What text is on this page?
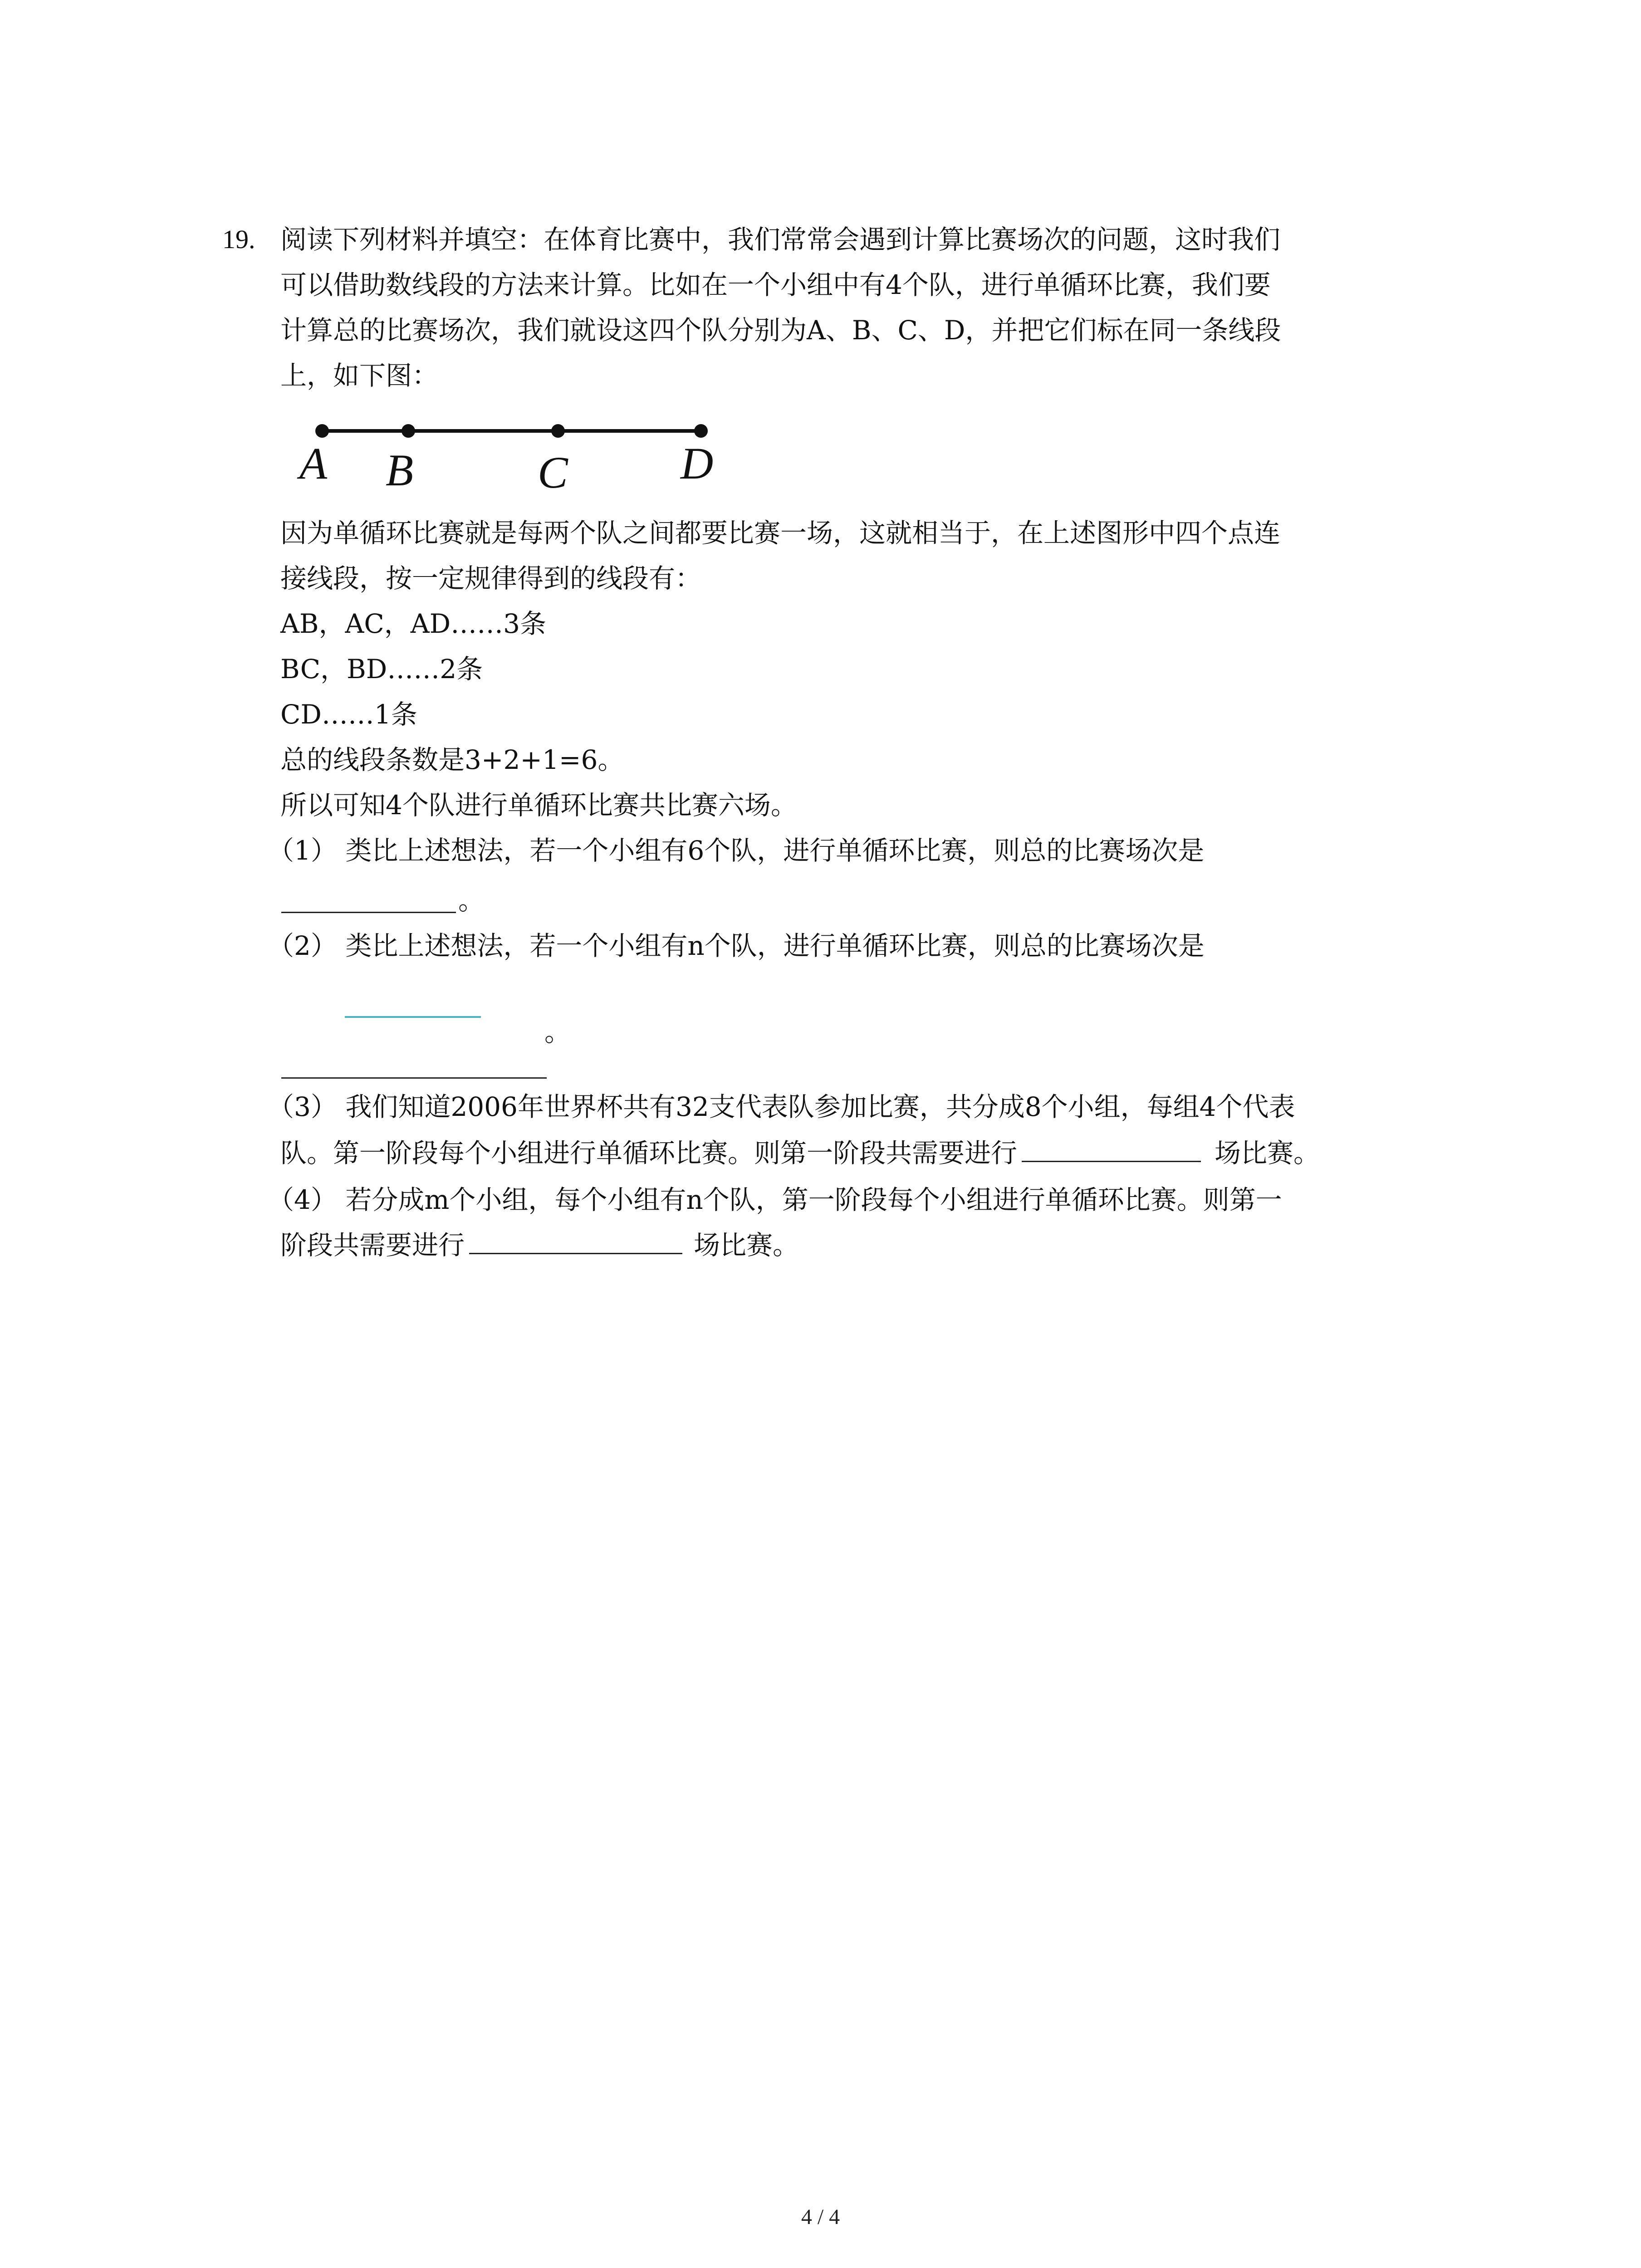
19. 阅读下列材料并填空：在体育比赛中，我们常常会遇到计算比赛场次的问题，这时我们
可以借助数线段的方法来计算。比如在一个小组中有4个队，进行单循环比赛，我们要
计算总的比赛场次，我们就设这四个队分别为A、B、C、D，并把它们标在同一条线段
上，如下图：
A B	C D
因为单循环比赛就是每两个队之间都要比赛一场，这就相当于，在上述图形中四个点连
接线段，按一定规律得到的线段有：
AB，AC，AD……3条
BC，BD……2条
CD……1条
总的线段条数是3+2+1=6。
所以可知4个队进行单循环比赛共比赛六场。
（1） 类比上述想法，若一个小组有6个队，进行单循环比赛，则总的比赛场次是
。
（2） 类比上述想法，若一个小组有n个队，进行单循环比赛，则总的比赛场次是
。
（3） 我们知道2006年世界杯共有32支代表队参加比赛，共分成8个小组，每组4个代表
队。第一阶段每个小组进行单循环比赛。则第一阶段共需要进行	场比赛。
（4） 若分成m个小组，每个小组有n个队，第一阶段每个小组进行单循环比赛。则第一
阶段共需要进行	场比赛。
4 / 4
